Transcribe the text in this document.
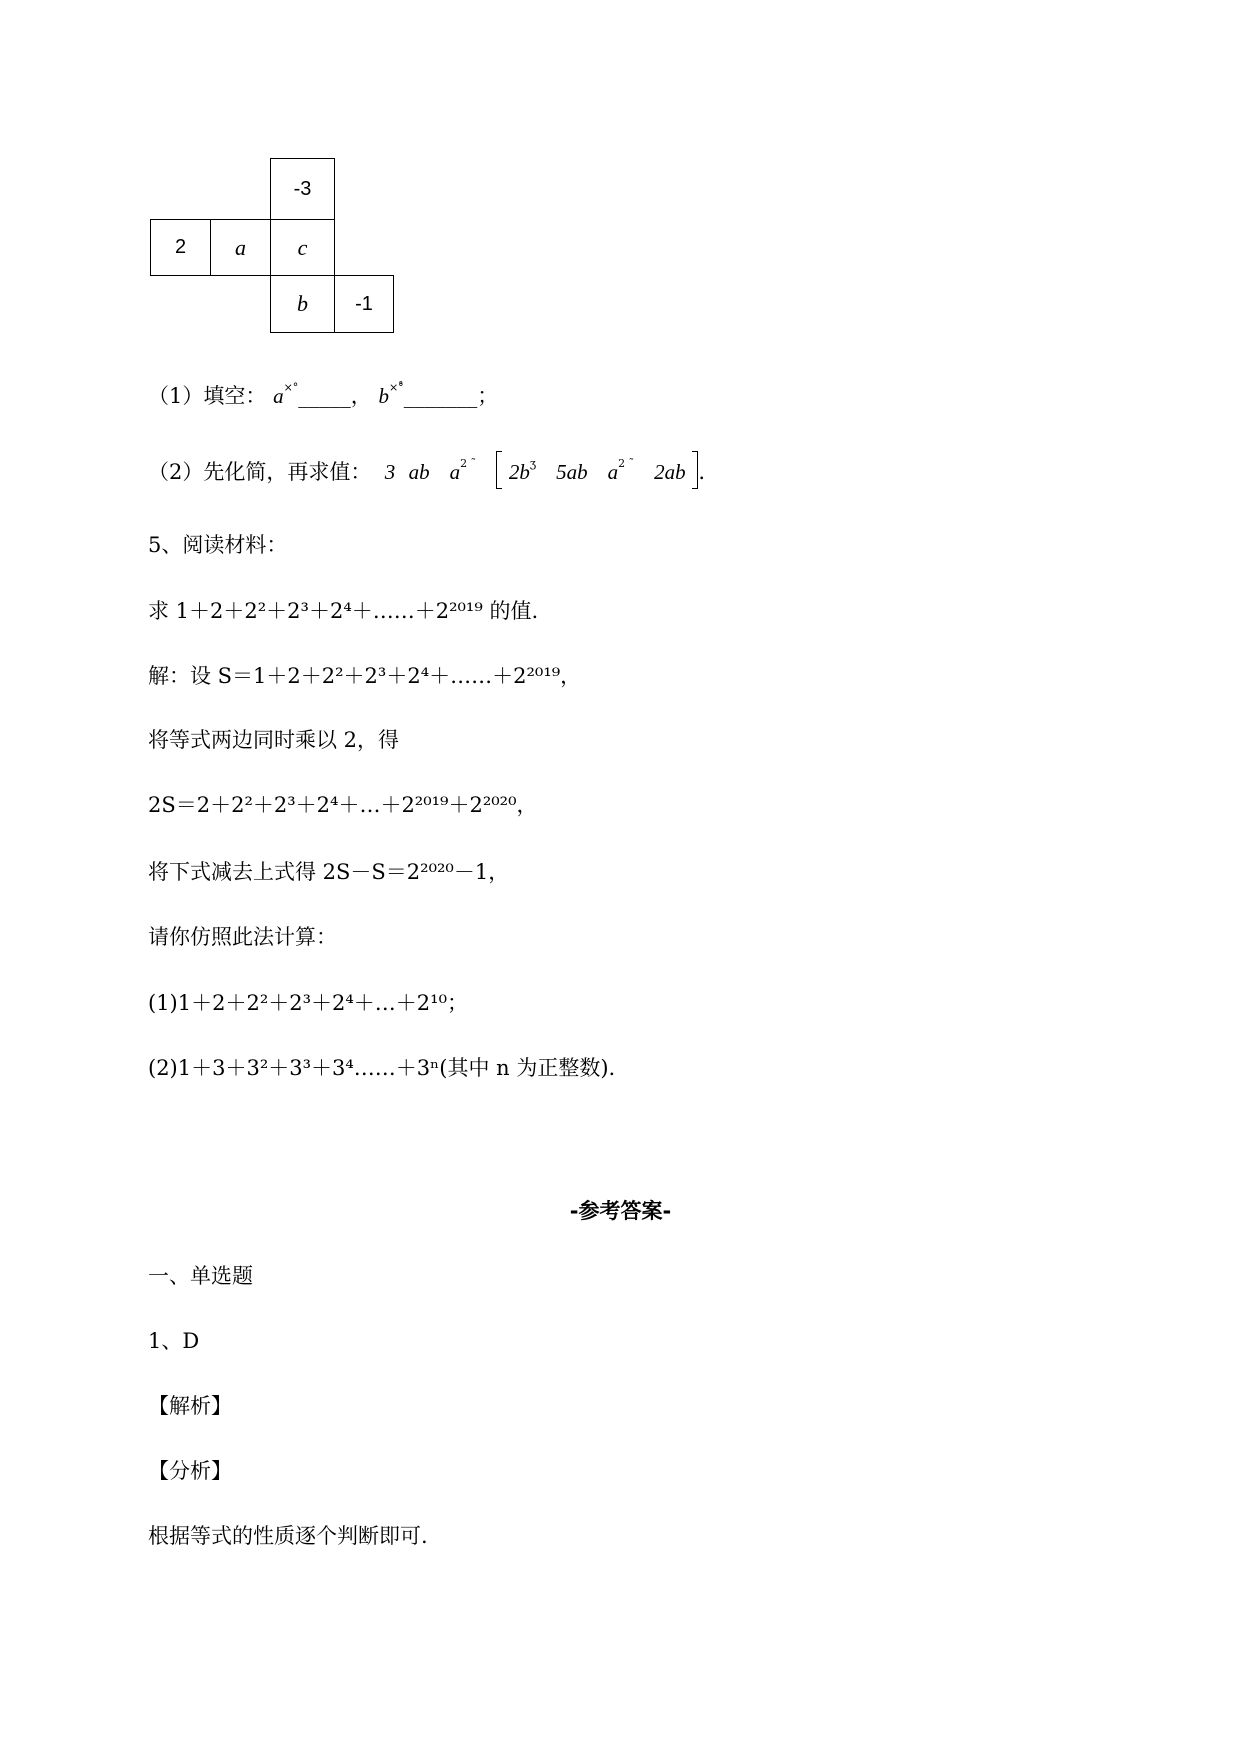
-3
2	a	c
b	-1
（1）填空： a×°_____， b×°̊_______；
（2）先化简，再求值： 3 ab $a^{2 ˜}$ $2b^ʒ$ 5ab $a^{2 ˜}$ 2ab .
5、阅读材料：
求 1＋2＋2²＋2³＋2⁴＋……＋2²⁰¹⁹ 的值.
解：设 S＝1＋2＋2²＋2³＋2⁴＋……＋2²⁰¹⁹，
将等式两边同时乘以 2，得
2S＝2＋2²＋2³＋2⁴＋…＋2²⁰¹⁹＋2²⁰²⁰，
将下式减去上式得 2S－S＝2²⁰²⁰－1，
请你仿照此法计算：
(1)1＋2＋2²＋2³＋2⁴＋…＋2¹⁰；
(2)1＋3＋3²＋3³＋3⁴……＋3ⁿ(其中 n 为正整数).
-参考答案-
一、单选题
1、D
【解析】
【分析】
根据等式的性质逐个判断即可.
